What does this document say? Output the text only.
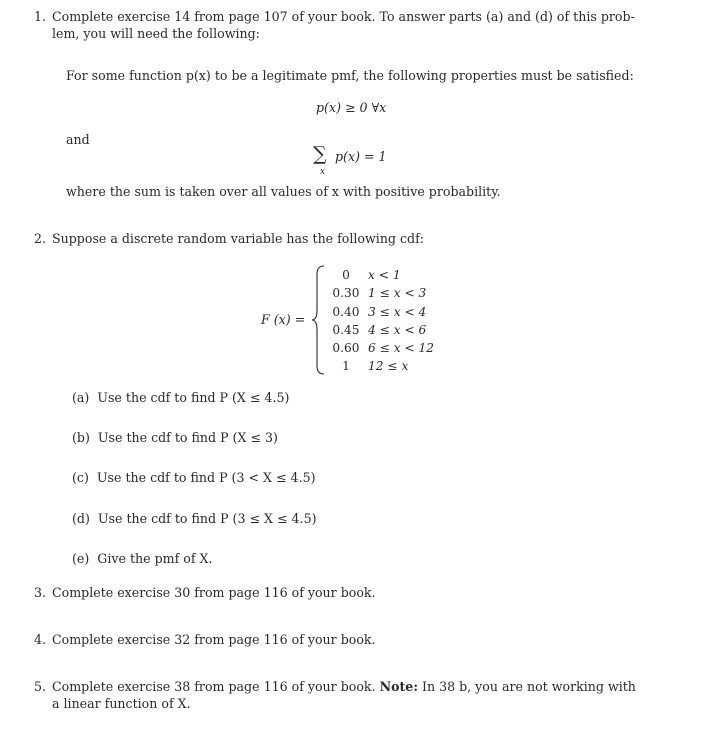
1. Complete exercise 14 from page 107 of your book. To answer parts (a) and (d) of this prob-
lem, you will need the following:
For some function p(x) to be a legitimate pmf, the following properties must be satisfied:
p(x) ≥ 0 ∀x
and
∑ p(x) = 1
x
where the sum is taken over all values of x with positive probability.
2. Suppose a discrete random variable has the following cdf:
F (x) =
0	x < 1
0.30 1 ≤ x < 3
0.40 3 ≤ x < 4
0.45 4 ≤ x < 6
0.60 6 ≤ x < 12
1	12 ≤ x
(a) Use the cdf to find P (X ≤ 4.5)
(b) Use the cdf to find P (X ≤ 3)
(c) Use the cdf to find P (3 < X ≤ 4.5)
(d) Use the cdf to find P (3 ≤ X ≤ 4.5)
(e) Give the pmf of X.
3. Complete exercise 30 from page 116 of your book.
4. Complete exercise 32 from page 116 of your book.
5. Complete exercise 38 from page 116 of your book. Note: In 38 b, you are not working with
a linear function of X.
